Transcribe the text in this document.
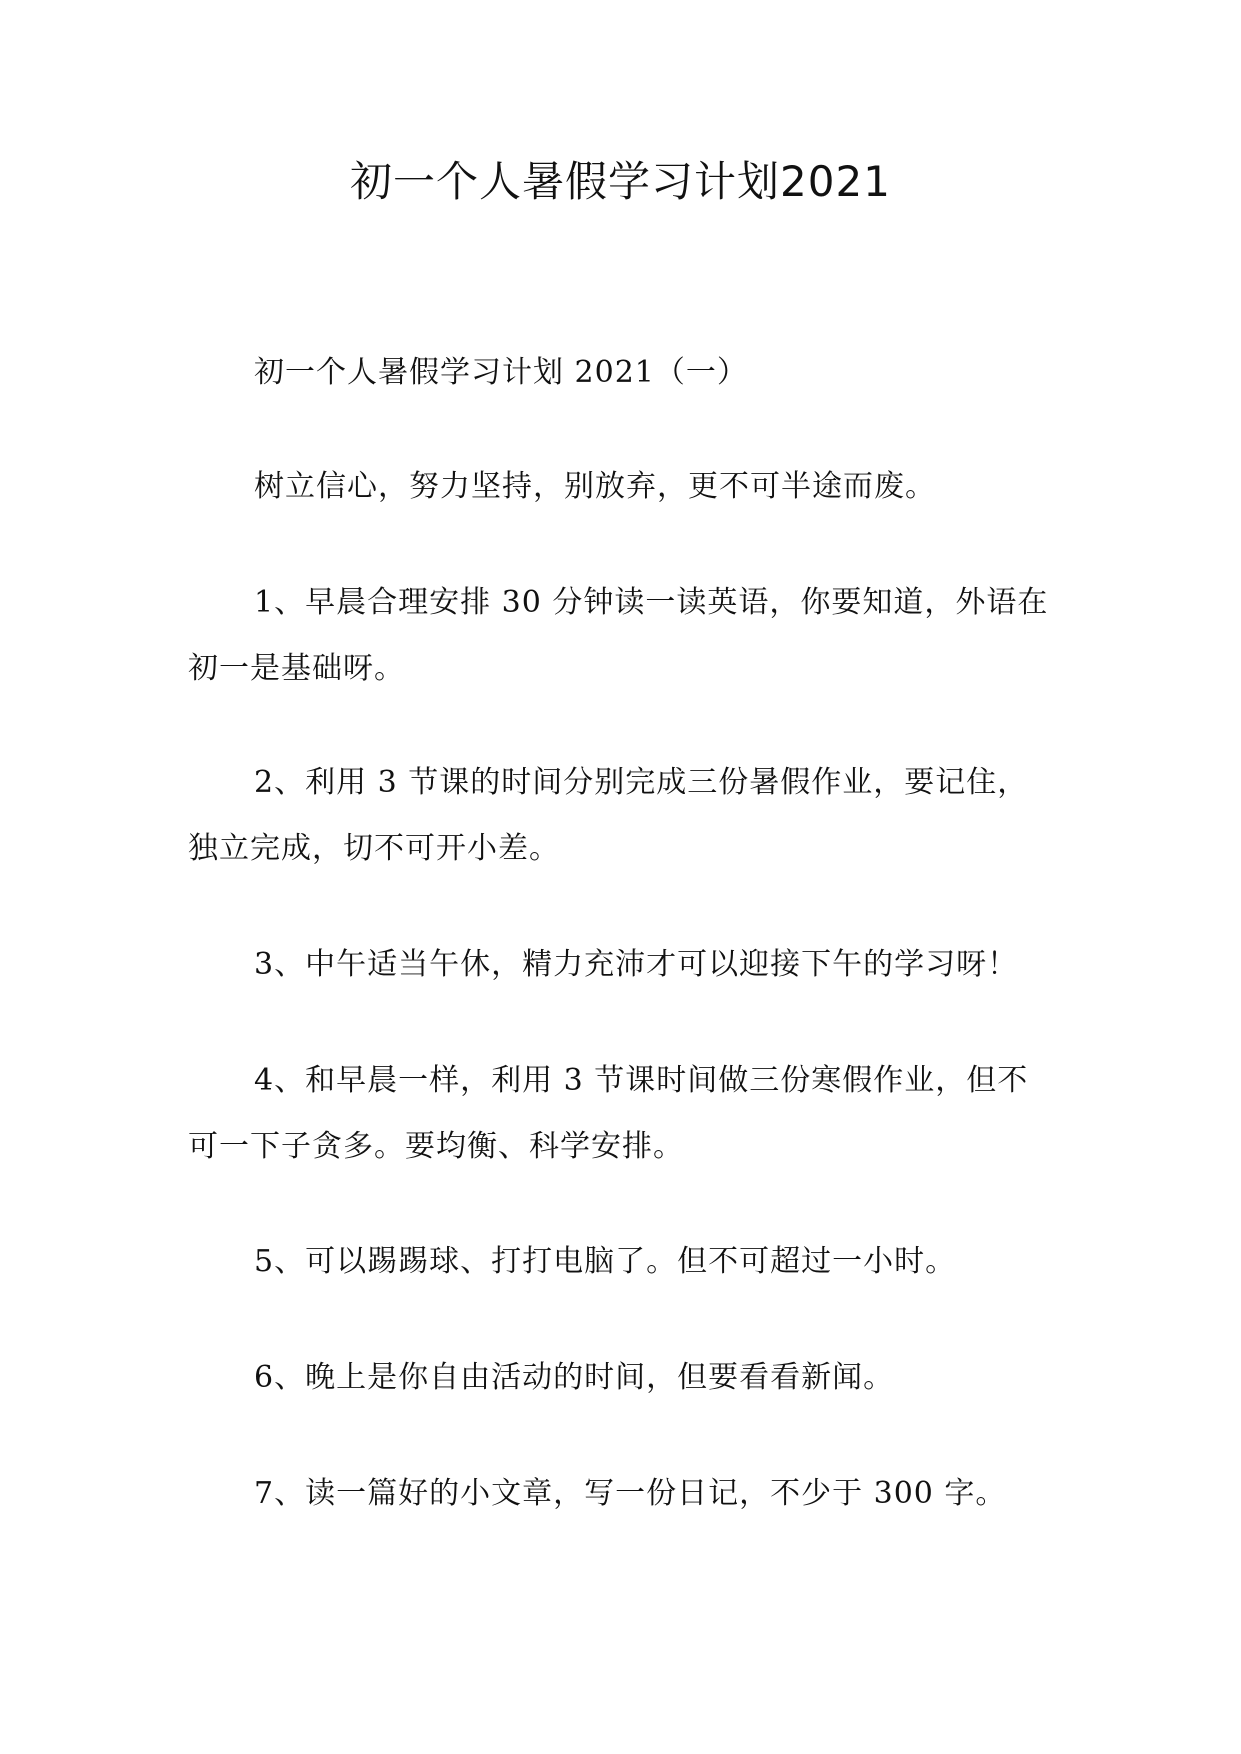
初一个人暑假学习计划2021

初一个人暑假学习计划 2021（一）

树立信心，努力坚持，别放弃，更不可半途而废。

1、早晨合理安排 30 分钟读一读英语，你要知道，外语在初一是基础呀。

2、利用 3 节课的时间分别完成三份暑假作业，要记住，独立完成，切不可开小差。

3、中午适当午休，精力充沛才可以迎接下午的学习呀！

4、和早晨一样，利用 3 节课时间做三份寒假作业，但不可一下子贪多。要均衡、科学安排。

5、可以踢踢球、打打电脑了。但不可超过一小时。

6、晚上是你自由活动的时间，但要看看新闻。

7、读一篇好的小文章，写一份日记，不少于 300 字。
